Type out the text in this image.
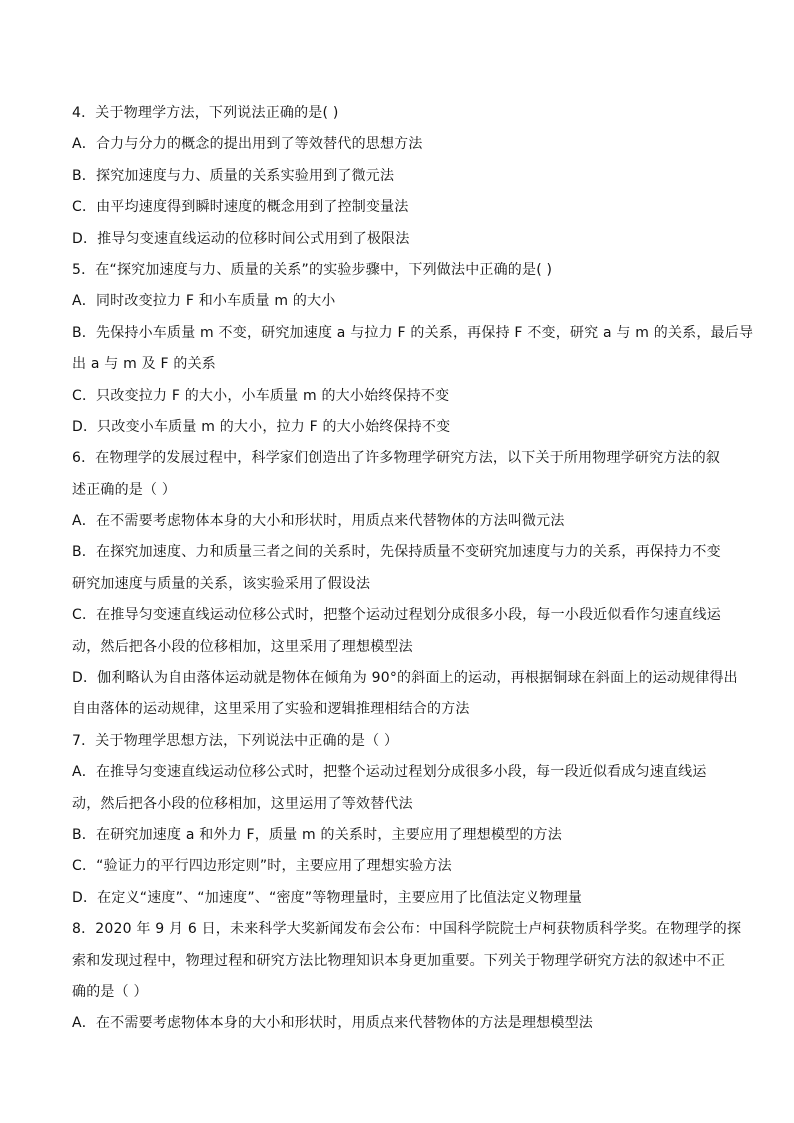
4．关于物理学方法，下列说法正确的是( )
A．合力与分力的概念的提出用到了等效替代的思想方法
B．探究加速度与力、质量的关系实验用到了微元法
C．由平均速度得到瞬时速度的概念用到了控制变量法
D．推导匀变速直线运动的位移时间公式用到了极限法
5．在“探究加速度与力、质量的关系”的实验步骤中，下列做法中正确的是( )
A．同时改变拉力 F 和小车质量 m 的大小
B．先保持小车质量 m 不变，研究加速度 a 与拉力 F 的关系，再保持 F 不变，研究 a 与 m 的关系，最后导
出 a 与 m 及 F 的关系
C．只改变拉力 F 的大小，小车质量 m 的大小始终保持不变
D．只改变小车质量 m 的大小，拉力 F 的大小始终保持不变
6．在物理学的发展过程中，科学家们创造出了许多物理学研究方法，以下关于所用物理学研究方法的叙
述正确的是（ ）
A．在不需要考虑物体本身的大小和形状时，用质点来代替物体的方法叫微元法
B．在探究加速度、力和质量三者之间的关系时，先保持质量不变研究加速度与力的关系，再保持力不变
研究加速度与质量的关系，该实验采用了假设法
C．在推导匀变速直线运动位移公式时，把整个运动过程划分成很多小段，每一小段近似看作匀速直线运
动，然后把各小段的位移相加，这里采用了理想模型法
D．伽利略认为自由落体运动就是物体在倾角为 90°的斜面上的运动，再根据铜球在斜面上的运动规律得出
自由落体的运动规律，这里采用了实验和逻辑推理相结合的方法
7．关于物理学思想方法，下列说法中正确的是（ ）
A．在推导匀变速直线运动位移公式时，把整个运动过程划分成很多小段，每一段近似看成匀速直线运
动，然后把各小段的位移相加，这里运用了等效替代法
B．在研究加速度 a 和外力 F，质量 m 的关系时，主要应用了理想模型的方法
C．“验证力的平行四边形定则”时，主要应用了理想实验方法
D．在定义“速度”、“加速度”、“密度”等物理量时，主要应用了比值法定义物理量
8．2020 年 9 月 6 日，未来科学大奖新闻发布会公布：中国科学院院士卢柯获物质科学奖。在物理学的探
索和发现过程中，物理过程和研究方法比物理知识本身更加重要。下列关于物理学研究方法的叙述中不正
确的是（ ）
A．在不需要考虑物体本身的大小和形状时，用质点来代替物体的方法是理想模型法
